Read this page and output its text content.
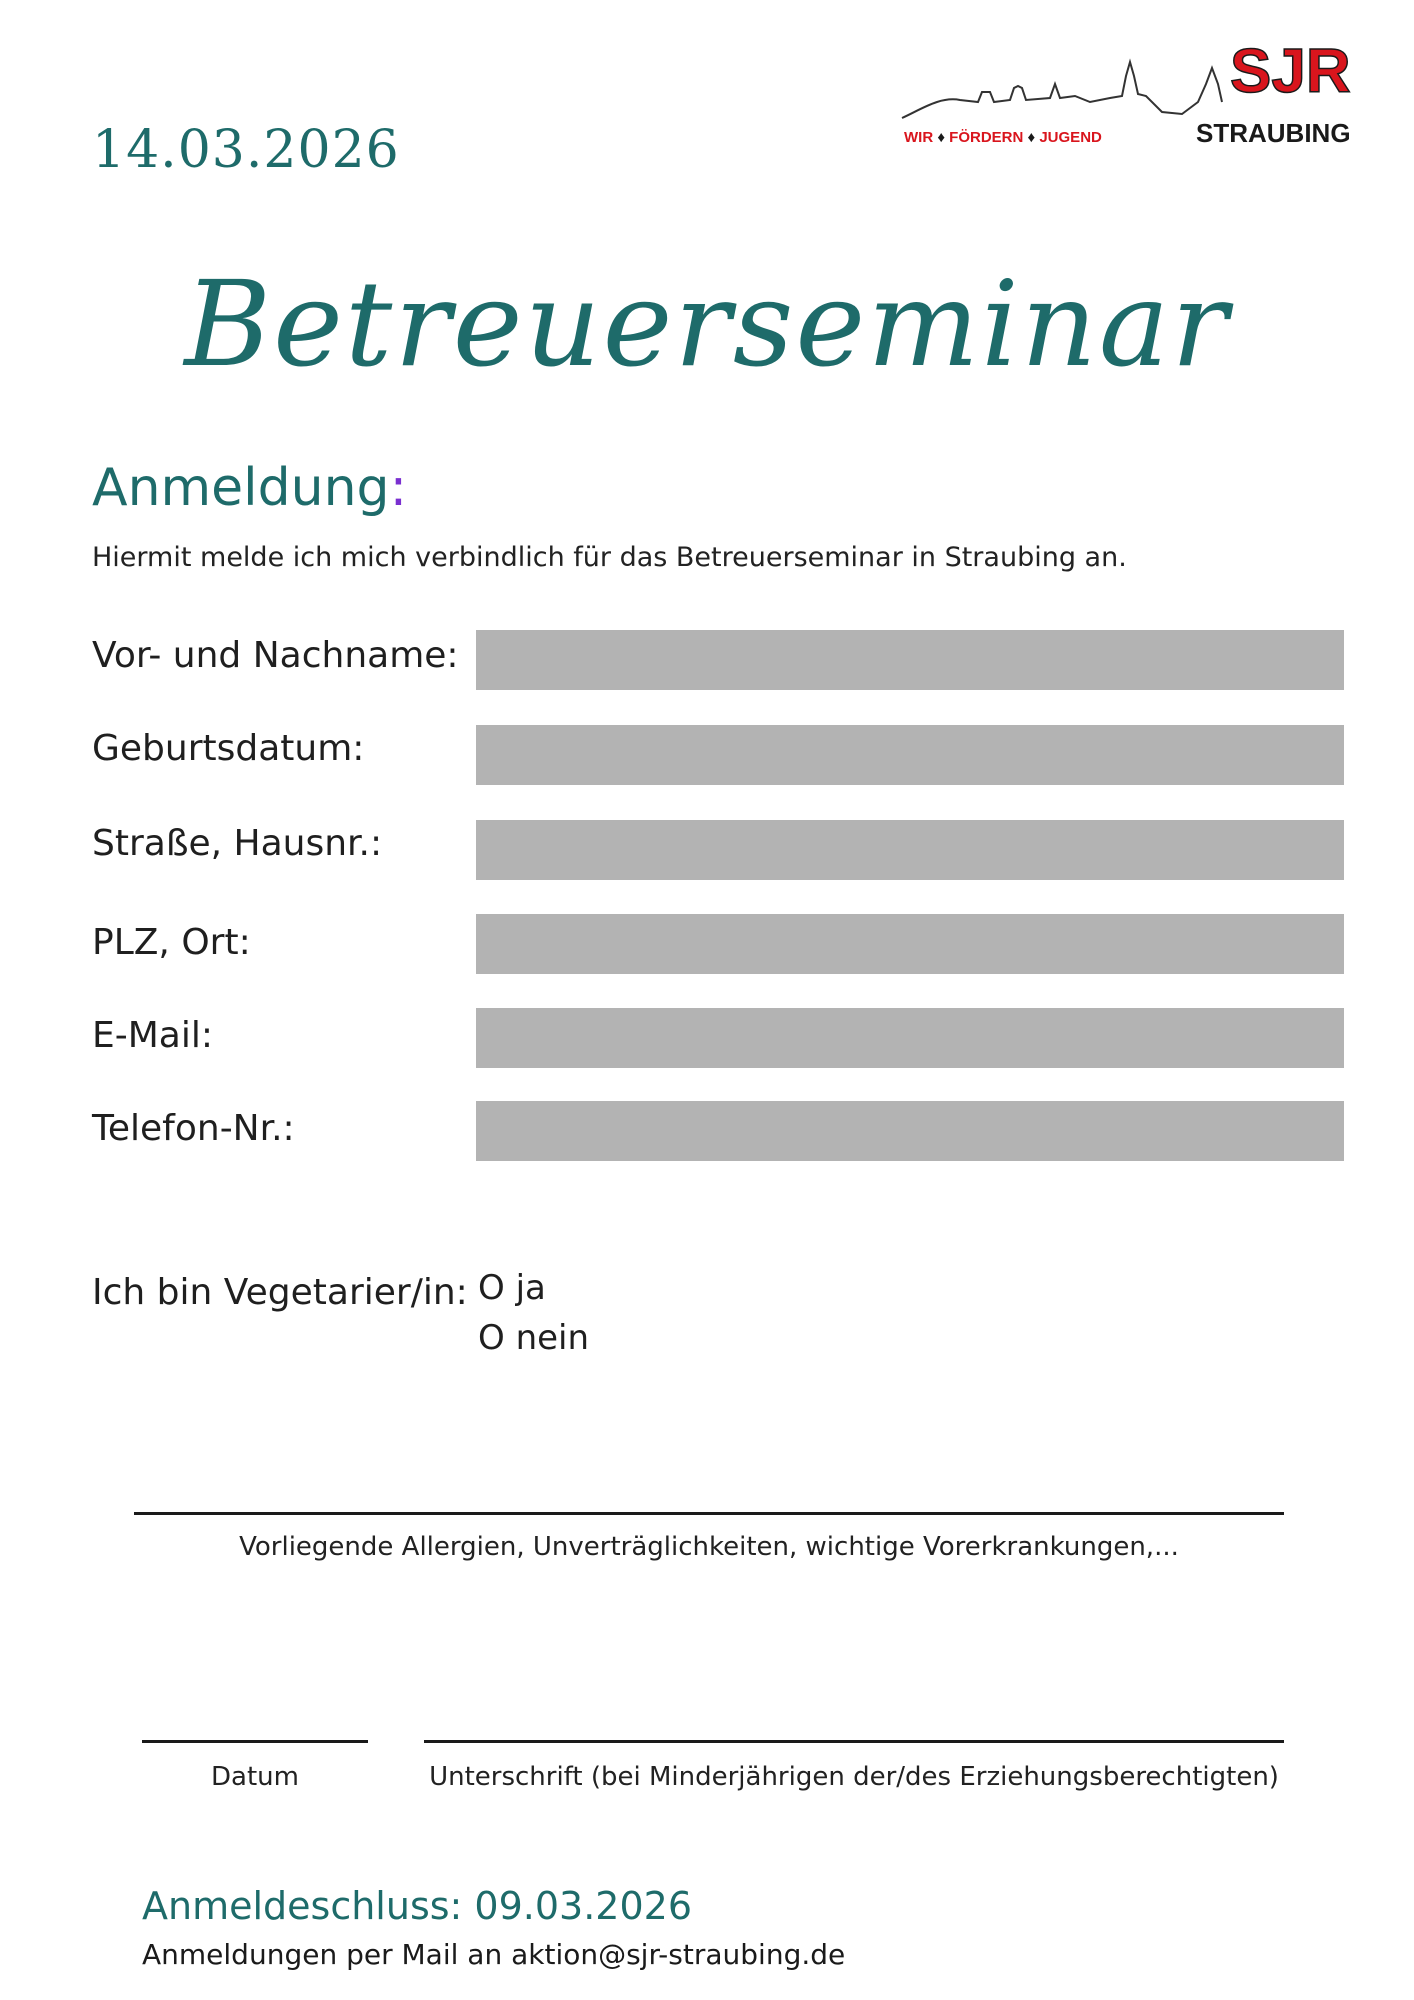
14.03.2026
SJR
STRAUBING
WIR ♦ FÖRDERN ♦ JUGEND
Betreuerseminar
Anmeldung:
Hiermit melde ich mich verbindlich für das Betreuerseminar in Straubing an.
Vor- und Nachname:
Geburtsdatum:
Straße, Hausnr.:
PLZ, Ort:
E-Mail:
Telefon-Nr.:
Ich bin Vegetarier/in: O ja
O nein
Vorliegende Allergien, Unverträglichkeiten, wichtige Vorerkrankungen,...
Datum	Unterschrift (bei Minderjährigen der/des Erziehungsberechtigten)
Anmeldeschluss: 09.03.2026
Anmeldungen per Mail an aktion@sjr-straubing.de
